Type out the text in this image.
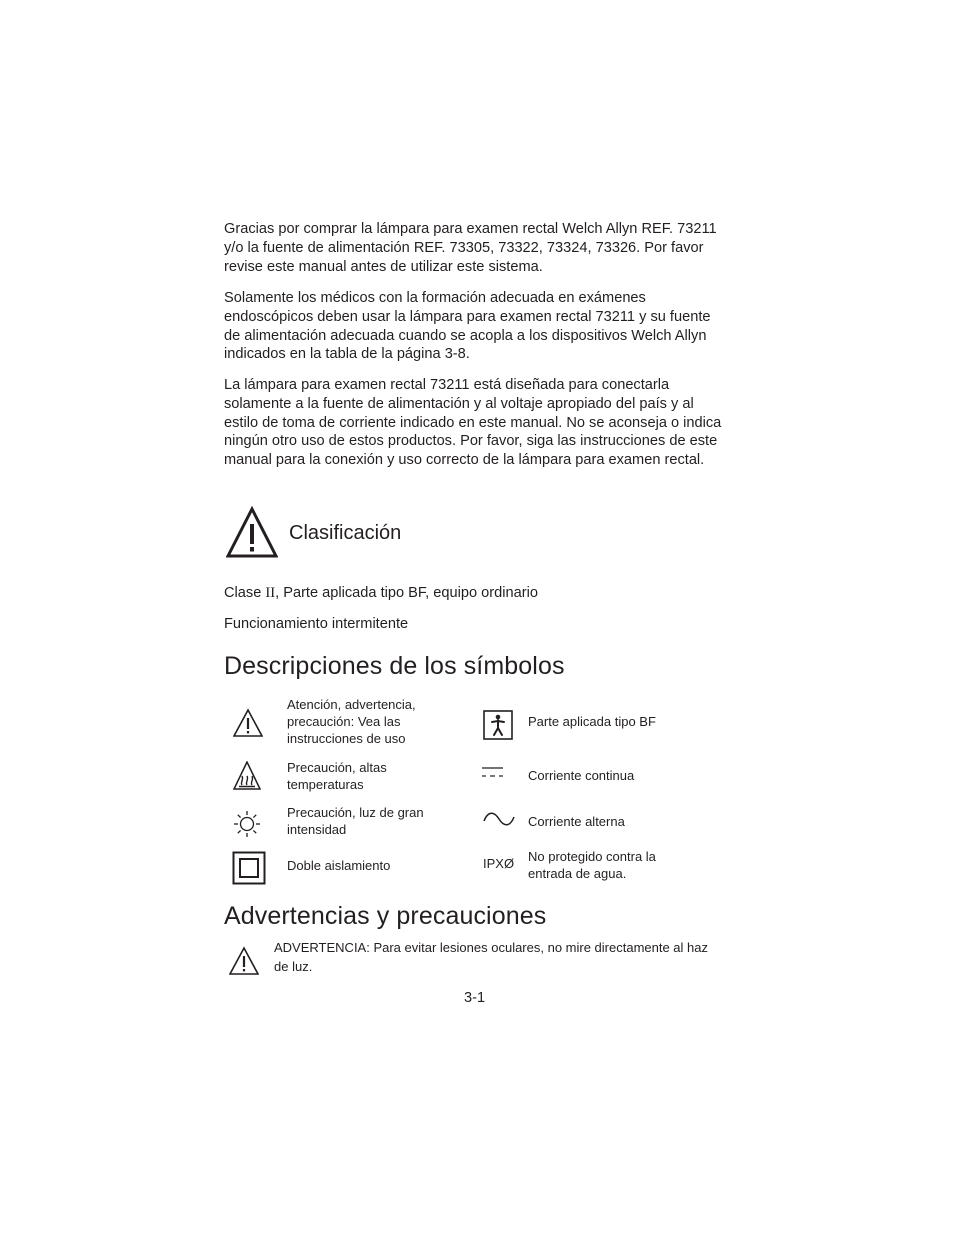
Gracias por comprar la lámpara para examen rectal Welch Allyn REF. 73211 y/o la fuente de alimentación REF. 73305, 73322, 73324, 73326. Por favor revise este manual antes de utilizar este sistema.

Solamente los médicos con la formación adecuada en exámenes endoscópicos deben usar la lámpara para examen rectal 73211 y su fuente de alimentación adecuada cuando se acopla a los dispositivos Welch Allyn indicados en la tabla de la página 3-8.

La lámpara para examen rectal 73211 está diseñada para conectarla solamente a la fuente de alimentación y al voltaje apropiado del país y al estilo de toma de corriente indicado en este manual. No se aconseja o indica ningún otro uso de estos productos. Por favor, siga las instrucciones de este manual para la conexión y uso correcto de la lámpara para examen rectal.

Clasificación

Clase II, Parte aplicada tipo BF, equipo ordinario

Funcionamiento intermitente

Descripciones de los símbolos

Atención, advertencia, precaución: Vea las instrucciones de uso

Parte aplicada tipo BF

Precaución, altas temperaturas

Corriente continua

Precaución, luz de gran intensidad

Corriente alterna

Doble aislamiento	IPXØ No protegido contra la entrada de agua.

Advertencias y precauciones

ADVERTENCIA: Para evitar lesiones oculares, no mire directamente al haz de luz.

3-1
